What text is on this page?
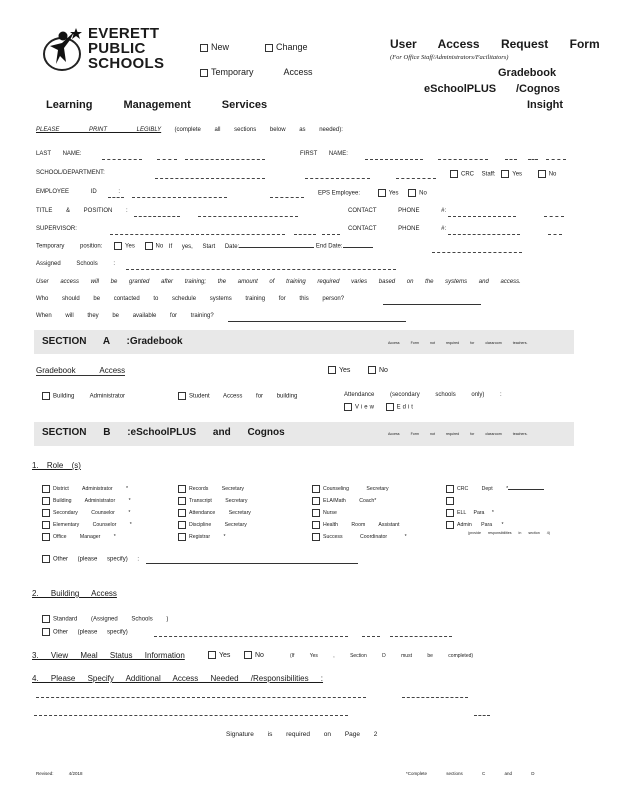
EVERETT
PUBLIC
SCHOOLS
New	Change
Temporary	Access
User Access Request Form
(For Office Staff/Administrators/Facilitators)
Gradebook
eSchoolPLUS /Cognos
Insight
Learning Management Services
PLEASE PRINT LEGIBLY (complete all sections below as needed):
LAST NAME:	FIRST NAME:
SCHOOL/DEPARTMENT:	CRC Staff:	Yes	No
EMPLOYEE ID :	EPS Employee:	Yes	No
TITLE & POSITION :	CONTACT PHONE #:
SUPERVISOR:	CONTACT PHONE #:
Temporary position:	Yes	No If yes, Start Date:	End Date:
Assigned Schools :
User access will be granted after training; the amount of training required varies based on the systems and access.
Who should be contacted to schedule systems training for this person?
When will they be available for training?
SECTION A :Gradebook	Access Form not required for classroom teachers.
Gradebook Access	Yes	No
Building Administrator	Student Access for building	Attendance (secondary schools only) :
View	Edit
SECTION B :eSchoolPLUS and Cognos	Access Form not required for classroom teachers.
1. Role (s)
District Administrator *
Building Administrator *
Secondary Counselor *
Elementary Counselor *
Office Manager *
Records Secretary
Transcript Secretary
Attendance Secretary
Discipline Secretary
Registrar *
Counseling Secretary
ELA/Math Coach*
Nurse
Health Room Assistant
Success Coordinator *
CRC Dept *
ELL Para *
Admin Para *
(provide responsibilities in section 4)
Other (please specify) :
2. Building Access
Standard (Assigned Schools )
Other (please specify)
3. View Meal Status Information	Yes	No	(If Yes , Section D must be completed)
4. Please Specify Additional Access Needed /Responsibilities :
Signature is required on Page 2
Revised: 4/2018	*Complete sections C and D
